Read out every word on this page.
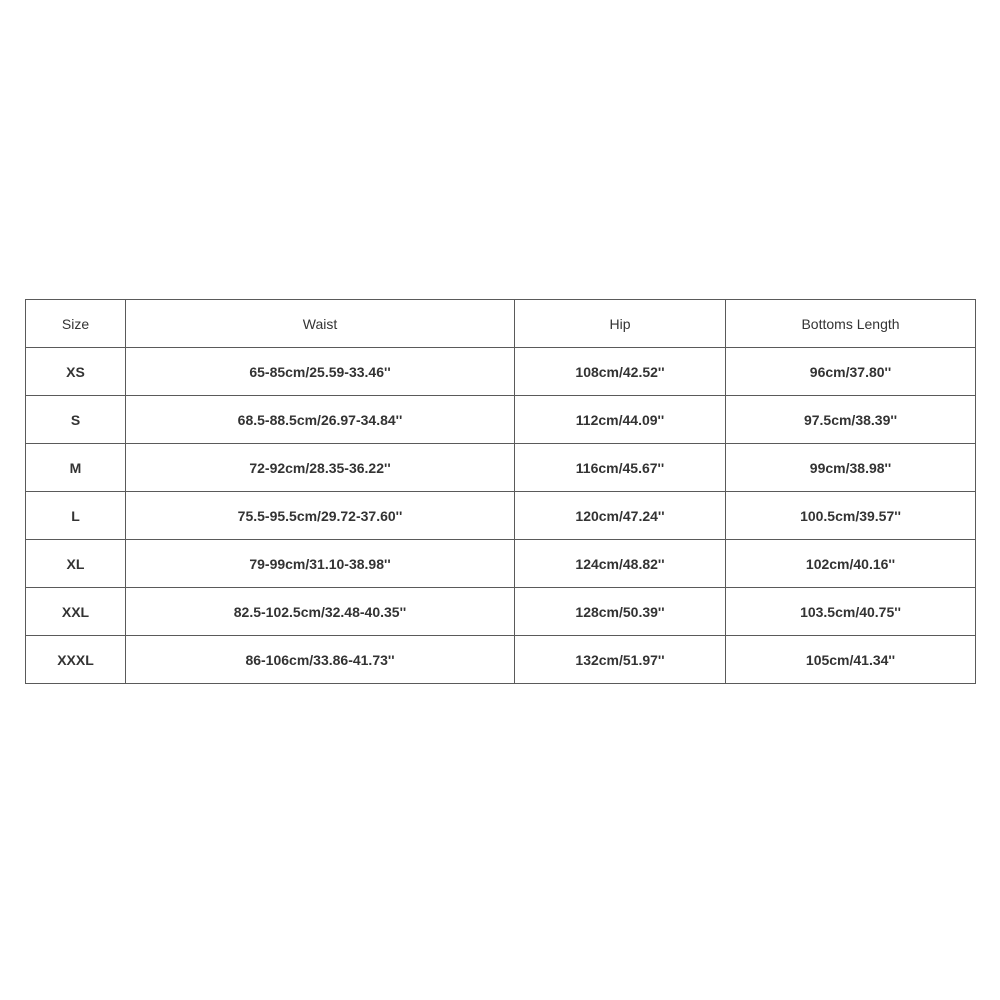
Size	Waist	Hip	Bottoms Length
XS	65-85cm/25.59-33.46''	108cm/42.52''	96cm/37.80''
S	68.5-88.5cm/26.97-34.84''	112cm/44.09''	97.5cm/38.39''
M	72-92cm/28.35-36.22''	116cm/45.67''	99cm/38.98''
L	75.5-95.5cm/29.72-37.60''	120cm/47.24''	100.5cm/39.57''
XL	79-99cm/31.10-38.98''	124cm/48.82''	102cm/40.16''
XXL	82.5-102.5cm/32.48-40.35''	128cm/50.39''	103.5cm/40.75''
XXXL	86-106cm/33.86-41.73''	132cm/51.97''	105cm/41.34''
